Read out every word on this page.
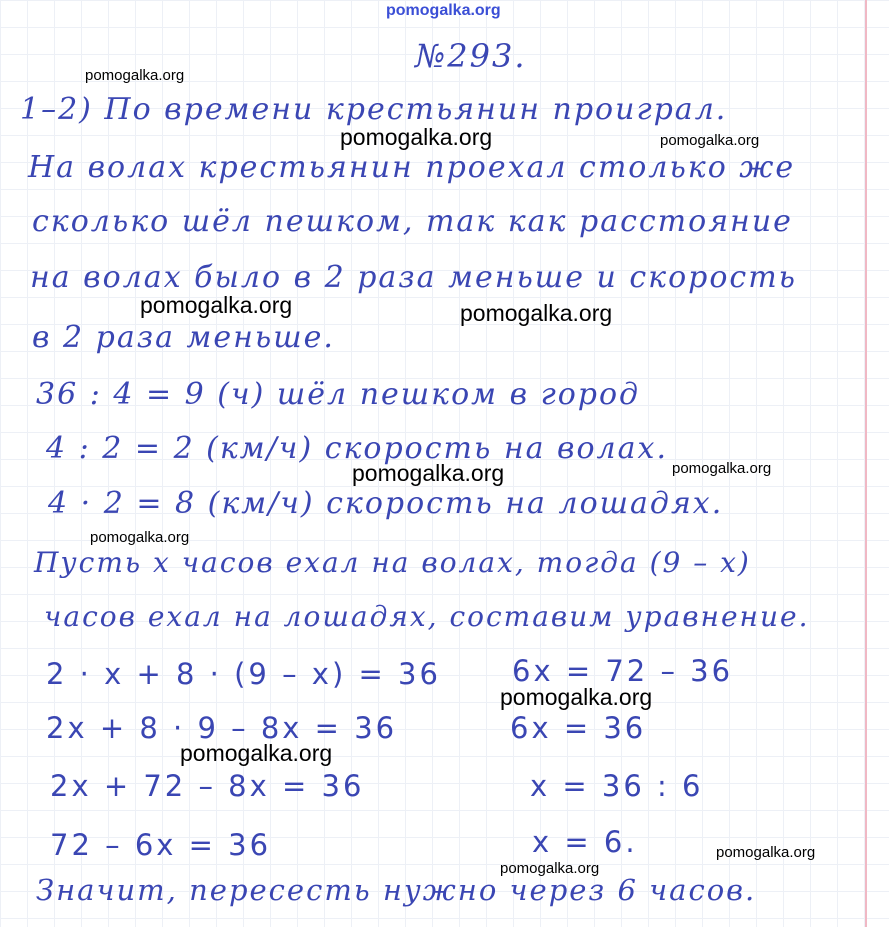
pomogalka.org
pomogalka.org
pomogalka.org	pomogalka.org
pomogalka.org	pomogalka.org
pomogalka.org	pomogalka.org
pomogalka.org
pomogalka.org
pomogalka.org
pomogalka.org
pomogalka.org
№293.
1–2) По времени крестьянин проиграл.
На волах крестьянин проехал столько же
сколько шёл пешком, так как расстояние
на волах было в 2 раза меньше и скорость
в 2 раза меньше.
36 : 4 = 9 (ч) шёл пешком в город
4 : 2 = 2 (км/ч) скорость на волах.
4 · 2 = 8 (км/ч) скорость на лошадях.
Пусть x часов ехал на волах, тогда (9 – x)
часов ехал на лошадях, составим уравнение.
2 · x + 8 · (9 – x) = 36
2x + 8 · 9 – 8x = 36
2x + 72 – 8x = 36
72 – 6x = 36
6x = 72 – 36
6x = 36
x = 36 : 6
x = 6.
Значит, пересесть нужно через 6 часов.
